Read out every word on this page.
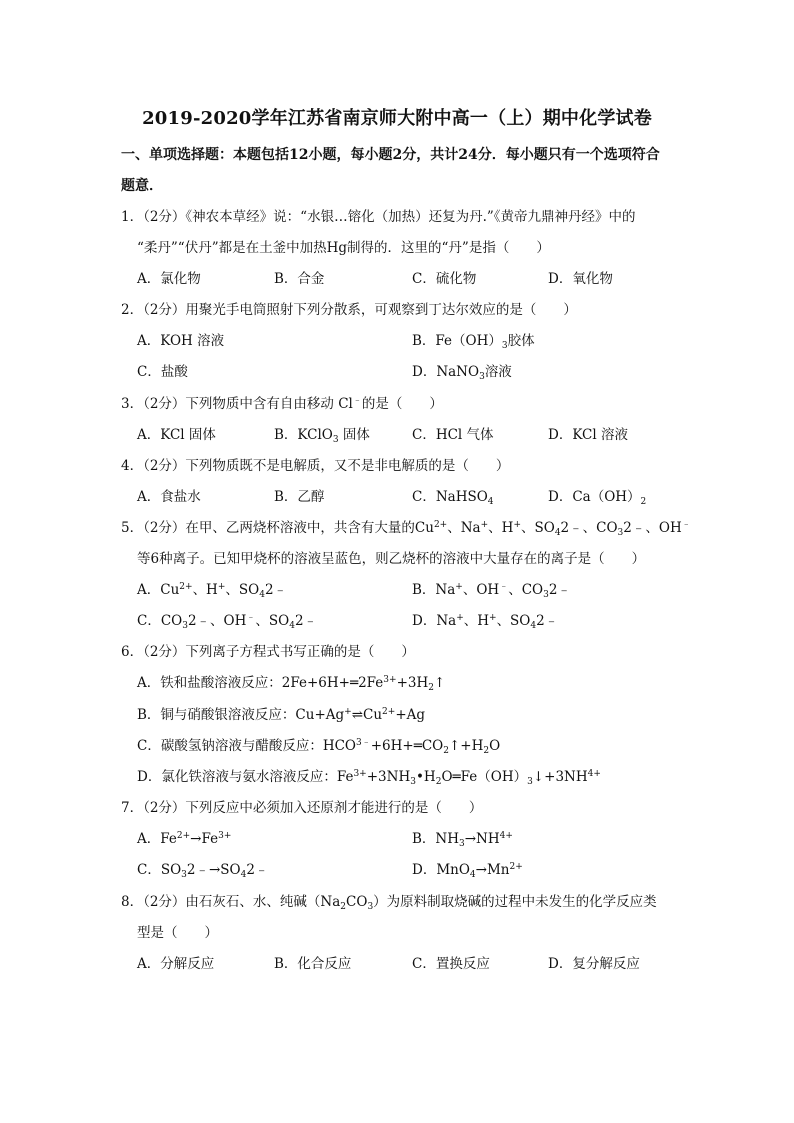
2019-2020学年江苏省南京师大附中高一（上）期中化学试卷
一、单项选择题：本题包括12小题，每小题2分，共计24分．每小题只有一个选项符合
题意．
1．（2分）《神农本草经》说：“水银…镕化（加热）还复为丹.”《黄帝九鼎神丹经》中的
“柔丹”“伏丹”都是在土釜中加热Hg制得的．这里的“丹”是指（　　）
A．氯化物	B．合金	C．硫化物	D．氧化物
2．（2分）用聚光手电筒照射下列分散系，可观察到丁达尔效应的是（　　）
A．KOH 溶液	B．$Fe(OH)_3$胶体
C．盐酸	D．NaNO$_3$溶液
3．（2分）下列物质中含有自由移动 Cl﹣的是（　　）
A．KCl 固体	B．KClO$_3$ 固体	C．HCl 气体	D．KCl 溶液
4．（2分）下列物质既不是电解质，又不是非电解质的是（　　）
A．食盐水	B．乙醇	C．NaHSO$_4$	D．$Ca(OH)_2$
5．（2分）在甲、乙两烧杯溶液中，共含有大量的$Cu^{2+}$、Na+、H+、$SO_42﹣$、$CO_32﹣$、OH﹣
等6种离子。已知甲烧杯的溶液呈蓝色，则乙烧杯的溶液中大量存在的离子是（　　）
A．$Cu^{2+}$、H+、$SO_42﹣$	B．Na+、OH﹣、$CO_32﹣$
C．$CO_32﹣$、OH﹣、$SO_42﹣$	D．Na+、H+、$SO_42﹣$
6．（2分）下列离子方程式书写正确的是（　　）
A．铁和盐酸溶液反应：$2Fe+6H+═2Fe^{3+}+3H_2↑$
B．铜与硝酸银溶液反应：$Cu+Ag^+\rightleftharpoons Cu^{2+}+Ag$
C．碳酸氢钠溶液与醋酸反应：$HCO^{3﹣}+6H+═CO_2↑+H_2O$
D．氯化铁溶液与氨水溶液反应：$Fe^{3+}+3NH_3•H_2O═Fe(OH)_3↓+3NH^{4+}$
7．（2分）下列反应中必须加入还原剂才能进行的是（　　）
A．$Fe^{2+}\to Fe^{3+}$	B．$NH_3\to NH^{4+}$
C．$SO_32﹣\to SO_42﹣$	D．$MnO_4\to Mn^{2+}$
8．（2分）由石灰石、水、纯碱$(Na_2CO_3)$为原料制取烧碱的过程中未发生的化学反应类
型是（　　）
A．分解反应	B．化合反应	C．置换反应	D．复分解反应
